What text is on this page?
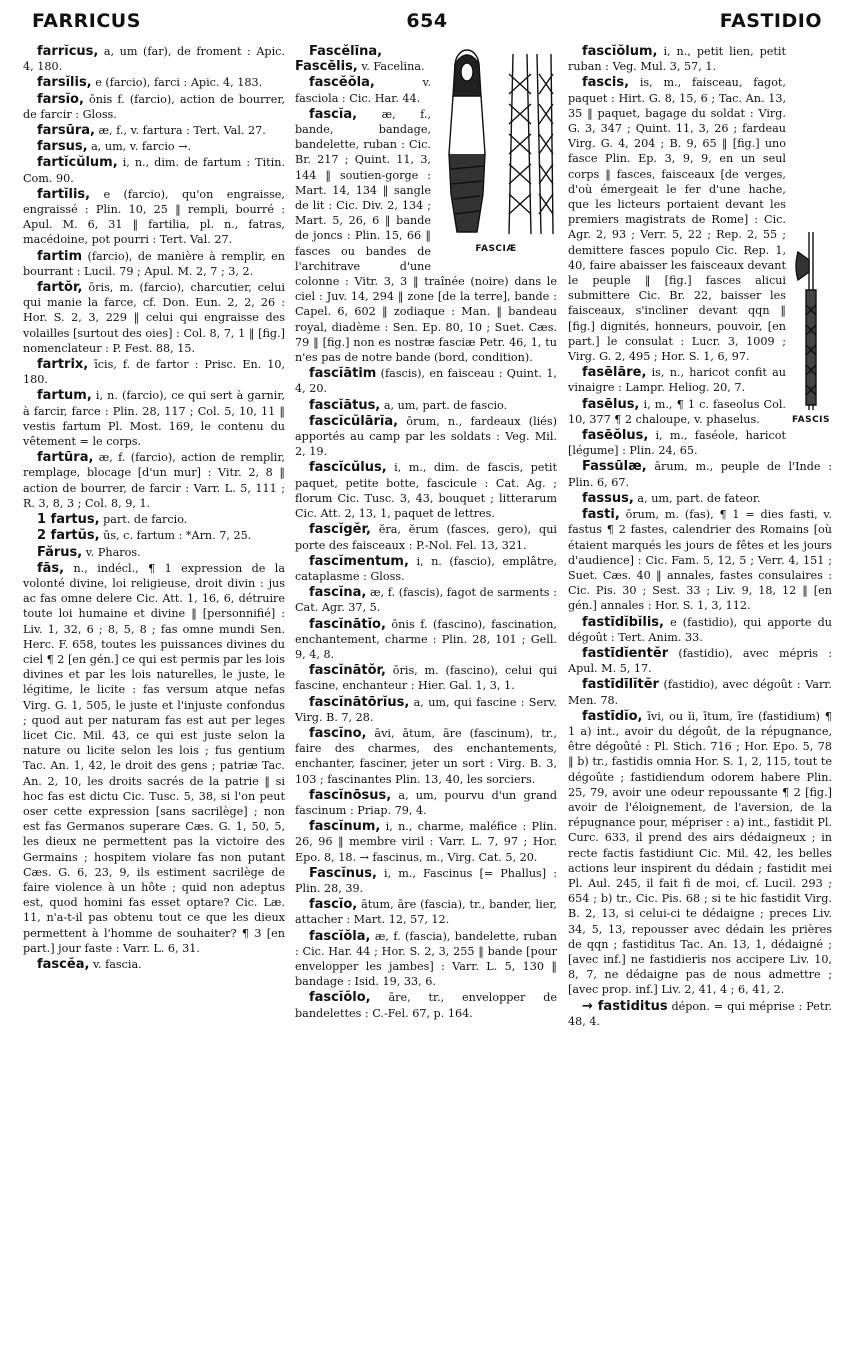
654
FARRICUS	FASTIDIO

farrĭcus, a, um (far), de froment : Apic. 4, 180.

farsĭlis, e (farcio), farci : Apic. 4, 183.

farsĭo, ōnis f. (farcio), action de bourrer, de farcir : Gloss.

farsūra, æ, f., v. fartura : Tert. Val. 27.

farsus, a, um, v. farcio →.

fartĭcŭlum, i, n., dim. de fartum : Titin. Com. 90.

fartĭlis, e (farcio), qu'on engraisse, engraissé : Plin. 10, 25 ‖ rempli, bourré : Apul. M. 6, 31 ‖ fartilia, pl. n., fatras, macédoine, pot pourri : Tert. Val. 27.

fartim (farcio), de manière à remplir, en bourrant : Lucil. 79 ; Apul. M. 2, 7 ; 3, 2.

fartŏr, ōris, m. (farcio), charcutier, celui qui manie la farce, cf. Don. Eun. 2, 2, 26 : Hor. S. 2, 3, 229 ‖ celui qui engraisse des volailles [surtout des oies] : Col. 8, 7, 1 ‖ [fig.] nomenclateur : P. Fest. 88, 15.

fartrix, īcis, f. de fartor : Prisc. En. 10, 180.

fartum, i, n. (farcio), ce qui sert à garnir, à farcir, farce : Plin. 28, 117 ; Col. 5, 10, 11 ‖ vestis fartum Pl. Most. 169, le contenu du vêtement = le corps.

fartūra, æ, f. (farcio), action de remplir, remplage, blocage [d'un mur] : Vitr. 2, 8 ‖ action de bourrer, de farcir : Varr. L. 5, 111 ; R. 3, 8, 3 ; Col. 8, 9, 1.

1 fartus, part. de farcio.

2 fartŭs, ūs, c. fartum : *Arn. 7, 25.

Fărus, v. Pharos.

fās, n., indécl., ¶ 1 expression de la volonté divine, loi religieuse, droit divin : jus ac fas omne delere Cic. Att. 1, 16, 6, détruire toute loi humaine et divine ‖ [personnifié] : Liv. 1, 32, 6 ; 8, 5, 8 ; fas omne mundi Sen. Herc. F. 658, toutes les puissances divines du ciel ¶ 2 [en gén.] ce qui est permis par les lois divines et par les lois naturelles, le juste, le légitime, le licite : fas versum atque nefas Virg. G. 1, 505, le juste et l'injuste confondus ; quod aut per naturam fas est aut per leges licet Cic. Mil. 43, ce qui est juste selon la nature ou licite selon les lois ; fus gentium Tac. An. 1, 42, le droit des gens ; patriæ Tac. An. 2, 10, les droits sacrés de la patrie ‖ si hoc fas est dictu Cic. Tusc. 5, 38, si l'on peut oser cette expression [sans sacrilège] ; non est fas Germanos superare Cæs. G. 1, 50, 5, les dieux ne permettent pas la victoire des Germains ; hospitem violare fas non putant Cæs. G. 6, 23, 9, ils estiment sacrilège de faire violence à un hôte ; quid non adeptus est, quod homini fas esset optare? Cic. Læ. 11, n'a-t-il pas obtenu tout ce que les dieux permettent à l'homme de souhaiter? ¶ 3 [en part.] jour faste : Varr. L. 6, 31.

fascĕa, v. fascia.

FASCIÆ

Fascĕlīna, Fascēlis, v. Facelina.

fascĕŏla,	v. fasciola : Cic. Har. 44.

fascĭa, æ, f., bande, bandage, bandelette, ruban : Cic. Br. 217 ; Quint. 11, 3, 144 ‖ soutien-gorge : Mart. 14, 134 ‖ sangle de lit : Cic. Div. 2, 134 ; Mart. 5, 26, 6 ‖ bande de joncs : Plin. 15, 66 ‖ fasces ou bandes de l'architrave d'une colonne : Vitr. 3, 3 ‖ traînée (noire) dans le ciel : Juv. 14, 294 ‖ zone [de la terre], bande : Capel. 6, 602 ‖ zodiaque : Man. ‖ bandeau royal, diadème : Sen. Ep. 80, 10 ; Suet. Cæs. 79 ‖ [fig.] non es nostræ fasciæ Petr. 46, 1, tu n'es pas de notre bande (bord, condition).

fascĭātim (fascis), en faisceau : Quint. 1, 4, 20.

fascĭātus, a, um, part. de fascio.

fascĭcŭlārĭa, ōrum, n., fardeaux (liés) apportés au camp par les soldats : Veg. Mil. 2, 19.

fascĭcŭlus, i, m., dim. de fascis, petit paquet, petite botte, fascicule : Cat. Ag. ; florum Cic. Tusc. 3, 43, bouquet ; litterarum Cic. Att. 2, 13, 1, paquet de lettres.

fascĭgĕr, ĕra, ĕrum (fasces, gero), qui porte des faisceaux : P.-Nol. Fel. 13, 321.

fascĭmentum, i, n. (fascio), emplâtre, cataplasme : Gloss.

fascĭna, æ, f. (fascis), fagot de sarments : Cat. Agr. 37, 5.

fascĭnātĭo, ōnis f. (fascino), fascination, enchantement, charme : Plin. 28, 101 ; Gell. 9, 4, 8.

fascĭnātŏr, ōris, m. (fascino), celui qui fascine, enchanteur : Hier. Gal. 1, 3, 1.

fascĭnātōrĭus, a, um, qui fascine : Serv. Virg. B. 7, 28.

fascĭno, āvi, ātum, āre (fascinum), tr., faire des charmes, des enchantements, enchanter, fasciner, jeter un sort : Virg. B. 3, 103 ; fascinantes Plin. 13, 40, les sorciers.

fascĭnōsus, a, um, pourvu d'un grand fascinum : Priap. 79, 4.

fascĭnum, i, n., charme, maléfice : Plin. 26, 96 ‖ membre viril : Varr. L. 7, 97 ; Hor. Epo. 8, 18. → fascinus, m., Virg. Cat. 5, 20.

Fascĭnus, i, m., Fascinus [= Phallus] : Plin. 28, 39.

fascĭo, ātum, āre (fascia), tr., bander, lier, attacher : Mart. 12, 57, 12.

fascĭŏla, æ, f. (fascia), bandelette, ruban : Cic. Har. 44 ; Hor. S. 2, 3, 255 ‖ bande [pour envelopper les jambes] : Varr. L. 5, 130 ‖ bandage : Isid. 19, 33, 6.

fascĭŏlo, āre, tr., envelopper de bandelettes : C.-Fel. 67, p. 164.

FASCIS

fascĭŏlum, i, n., petit lien, petit ruban : Veg. Mul. 3, 57, 1.

fascis, is, m., faisceau, fagot, paquet : Hirt. G. 8, 15, 6 ; Tac. An. 13, 35 ‖ paquet, bagage du soldat : Virg. G. 3, 347 ; Quint. 11, 3, 26 ; fardeau Virg. G. 4, 204 ; B. 9, 65 ‖ [fig.] uno fasce Plin. Ep. 3, 9, 9, en un seul corps ‖ fasces, faisceaux [de verges, d'où émergeait le fer d'une hache, que les licteurs portaient devant les premiers magistrats de Rome] : Cic. Agr. 2, 93 ; Verr. 5, 22 ; Rep. 2, 55 ; demittere fasces populo Cic. Rep. 1, 40, faire abaisser les faisceaux devant le peuple ‖ [fig.] fasces alicui submittere Cic. Br. 22, baisser les faisceaux, s'incliner devant qqn ‖ [fig.] dignités, honneurs, pouvoir, [en part.] le consulat : Lucr. 3, 1009 ; Virg. G. 2, 495 ; Hor. S. 1, 6, 97.

fasēlāre, is, n., haricot confit au vinaigre : Lampr. Heliog. 20, 7.

fasēlus, i, m., ¶ 1 c. faseolus Col. 10, 377 ¶ 2 chaloupe, v. phaselus.

fasēŏlus, i, m., faséole, haricot [légume] : Plin. 24, 65.

Fassūlæ, ārum, m., peuple de l'Inde : Plin. 6, 67.

fassus, a, um, part. de fateor.

fasti, ōrum, m. (fas), ¶ 1 = dies fasti, v. fastus ¶ 2 fastes, calendrier des Romains [où étaient marqués les jours de fêtes et les jours d'audience] : Cic. Fam. 5, 12, 5 ; Verr. 4, 151 ; Suet. Cæs. 40 ‖ annales, fastes consulaires : Cic. Pis. 30 ; Sest. 33 ; Liv. 9, 18, 12 ‖ [en gén.] annales : Hor. S. 1, 3, 112.

fastīdĭbĭlis, e (fastidio), qui apporte du dégoût : Tert. Anim. 33.

fastīdĭentĕr (fastidio), avec mépris : Apul. M. 5, 17.

fastīdīlĭtĕr (fastidio), avec dégoût : Varr. Men. 78.

fastīdĭo, īvi, ou ĭi, ītum, īre (fastidium) ¶ 1 a) int., avoir du dégoût, de la répugnance, être dégoûté : Pl. Stich. 716 ; Hor. Epo. 5, 78 ‖ b) tr., fastidis omnia Hor. S. 1, 2, 115, tout te dégoûte ; fastidiendum odorem habere Plin. 25, 79, avoir une odeur repoussante ¶ 2 [fig.] avoir de l'éloignement, de l'aversion, de la répugnance pour, mépriser : a) int., fastidit Pl. Curc. 633, il prend des airs dédaigneux ; in recte factis fastidiunt Cic. Mil. 42, les belles actions leur inspirent du dédain ; fastidit mei Pl. Aul. 245, il fait fi de moi, cf. Lucil. 293 ; 654 ; b) tr., Cic. Pis. 68 ; si te hic fastidit Virg. B. 2, 13, si celui-ci te dédaigne ; preces Liv. 34, 5, 13, repousser avec dédain les prières de qqn ; fastiditus Tac. An. 13, 1, dédaigné ; [avec inf.] ne fastidieris nos accipere Liv. 10, 8, 7, ne dédaigne pas de nous admettre ; [avec prop. inf.] Liv. 2, 41, 4 ; 6, 41, 2.

→ fastiditus dépon. = qui méprise : Petr. 48, 4.
